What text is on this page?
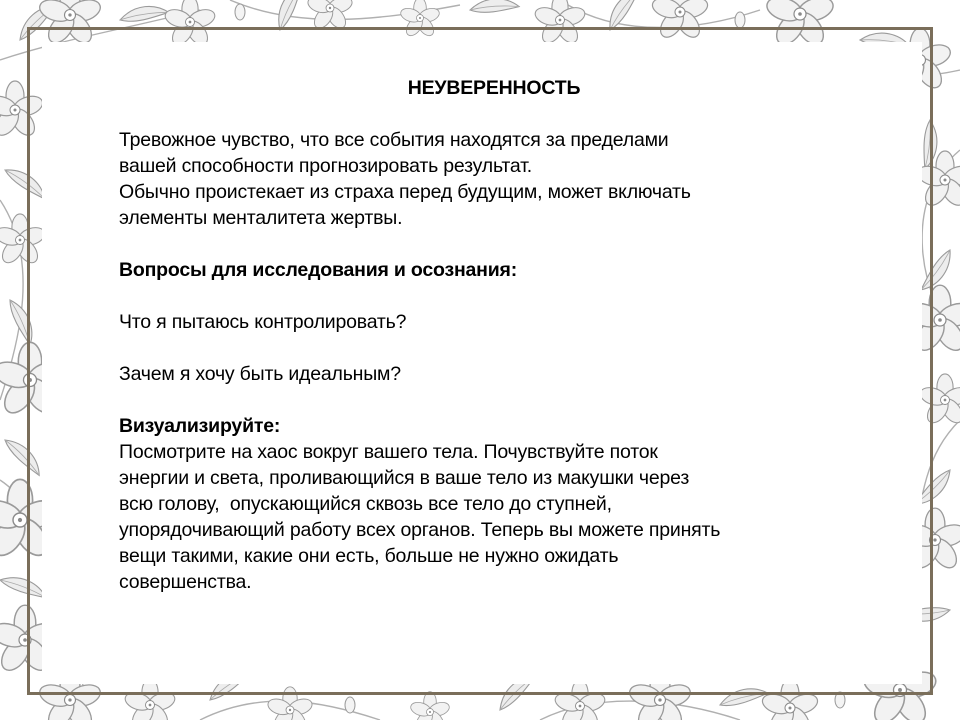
НЕУВЕРЕННОСТЬ

Тревожное чувство, что все события находятся за пределами

вашей способности прогнозировать результат.

Обычно проистекает из страха перед будущим, может включать

элементы менталитета жертвы.

Вопросы для исследования и осознания:

Что я пытаюсь контролировать?

Зачем я хочу быть идеальным?

Визуализируйте:

Посмотрите на хаос вокруг вашего тела. Почувствуйте поток

энергии и света, проливающийся в ваше тело из макушки через

всю голову,  опускающийся сквозь все тело до ступней,

упорядочивающий работу всех органов. Теперь вы можете принять

вещи такими, какие они есть, больше не нужно ожидать

совершенства.
